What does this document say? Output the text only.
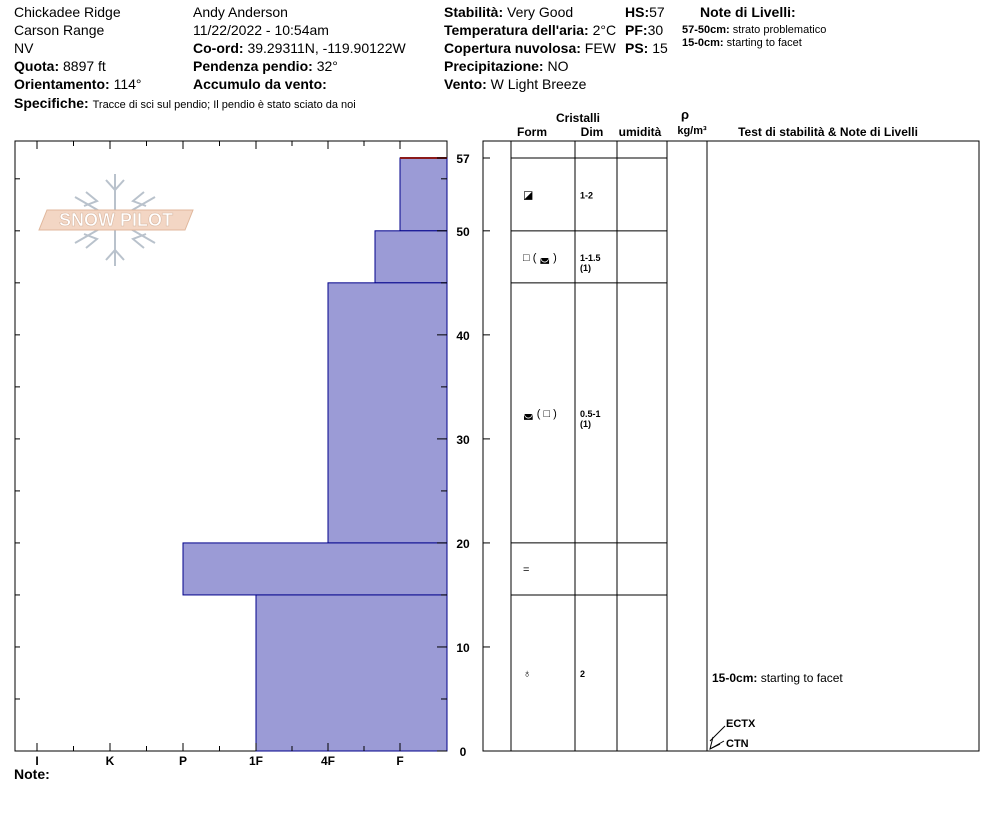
Chickadee Ridge
Carson Range
NV
Quota: 8897 ft
Orientamento: 114°
Specifiche: Tracce di sci sul pendio; Il pendio è stato sciato da noi
Andy Anderson
11/22/2022 - 10:54am
Co-ord: 39.29311N, -119.90122W
Pendenza pendio: 32°
Accumulo da vento:
Stabilità: Very Good
Temperatura dell'aria: 2°C
Copertura nuvolosa: FEW
Precipitazione: NO
Vento: W Light Breeze
HS:57
PF:30
PS: 15
Note di Livelli:
57-50cm: strato problematico
15-0cm: starting to facet
SNOW PILOT
0
10
20
30
40
50
57
I	K	P	1F	4F	F
◪	1-2
□ ( ◛ )	1-1.5
(1)
◛ ( □ )	0.5-1
(1)
=
♁	2
Cristalli
Form	Dim umidità
ρ
kg/m³	Test di stabilità & Note di Livelli
15-0cm: starting to facet
ECTX
CTN
Note:
